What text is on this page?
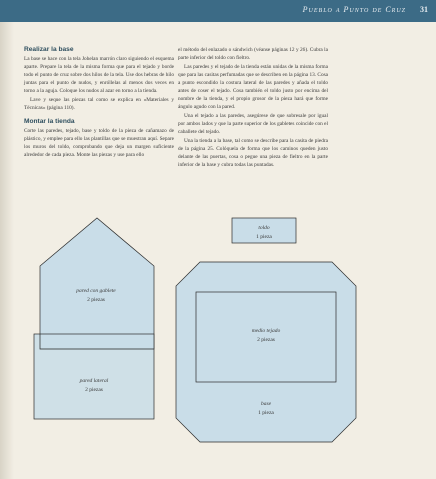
Pueblo a Punto de Cruz 31
Realizar la base

La base se hace con la tela Johelan marrón claro siguiendo el esquema aparte. Prepare la tela de la misma forma que para el tejado y borde todo el punto de cruz sobre dos hilos de la tela. Use dos hebras de hilo juntas para el punto de nudos, y enróllelas al menos dos veces en torno a la aguja. Coloque los nudos al azar en torno a la tienda.

Lave y seque las piezas tal como se explica en «Materiales y Técnicas» (página 110).

Montar la tienda

Corte las paredes, tejado, base y toldo de la pieza de cañamazo de plástico, y emplee para ello las plantillas que se muestran aquí. Separe los muros del toldo, comprobando que deja un margen suficiente alrededor de cada pieza. Monte las piezas y use para ello

el método del enlazado o sándwich (véanse páginas 12 y 26). Cubra la parte inferior del toldo con fieltro.

Las paredes y el tejado de la tienda están unidas de la misma forma que para las casitas perfumadas que se describen en la página 13. Cosa a punto escondido la costura lateral de las paredes y añada el toldo antes de coser el tejado. Cosa también el toldo justo por encima del nombre de la tienda, y el propio grosor de la pieza hará que forme ángulo agudo con la pared.

Una el tejado a las paredes, asegúrese de que sobresale por igual por ambos lados y que la parte superior de los gabletes coincide con el caballete del tejado.

Una la tienda a la base, tal como se describe para la casita de piedra de la página 25. Colóquela de forma que los caminos queden justo delante de las puertas, cosa o pegue una pieza de fieltro en la parte inferior de la base y cubra todas las puntadas.

toldo
1 pieza
pared con gablete
2 piezas
pared lateral
2 piezas
medio tejado
2 piezas
base
1 pieza
